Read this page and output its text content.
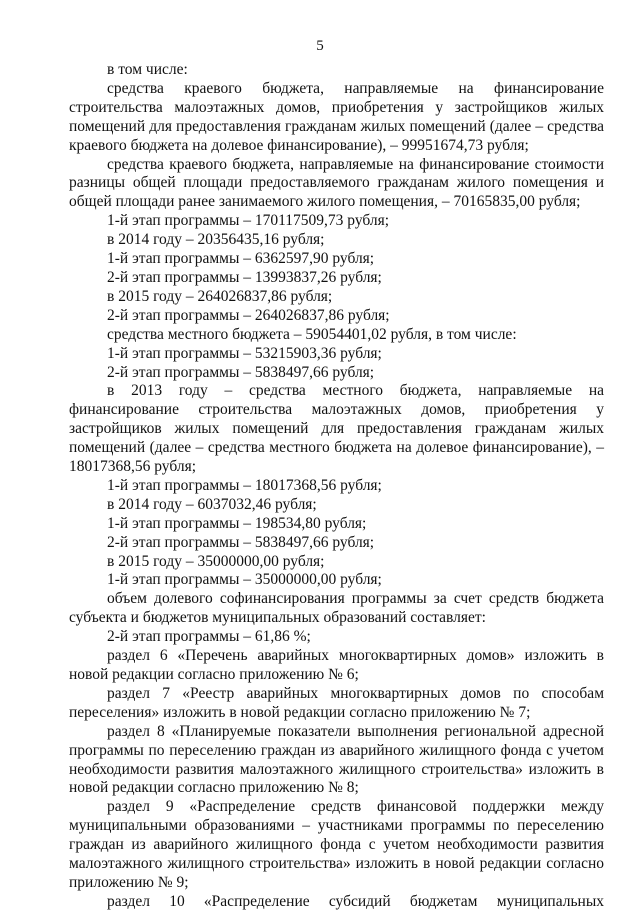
5

в том числе:

средства краевого бюджета, направляемые на финансирование строительства малоэтажных домов, приобретения у застройщиков жилых помещений для предоставления гражданам жилых помещений (далее – средства краевого бюджета на долевое финансирование), – 99951674,73 рубля;

средства краевого бюджета, направляемые на финансирование стоимости разницы общей площади предоставляемого гражданам жилого помещения и общей площади ранее занимаемого жилого помещения, – 70165835,00 рубля;

1-й этап программы – 170117509,73 рубля;

в 2014 году – 20356435,16 рубля;

1-й этап программы – 6362597,90 рубля;

2-й этап программы – 13993837,26 рубля;

в 2015 году – 264026837,86 рубля;

2-й этап программы – 264026837,86 рубля;

средства местного бюджета – 59054401,02 рубля, в том числе:

1-й этап программы – 53215903,36 рубля;

2-й этап программы – 5838497,66 рубля;

в 2013 году – средства местного бюджета, направляемые на финансирование строительства малоэтажных домов, приобретения у застройщиков жилых помещений для предоставления гражданам жилых помещений (далее – средства местного бюджета на долевое финансирование), – 18017368,56 рубля;

1-й этап программы – 18017368,56 рубля;

в 2014 году – 6037032,46 рубля;

1-й этап программы – 198534,80 рубля;

2-й этап программы – 5838497,66 рубля;

в 2015 году – 35000000,00 рубля;

1-й этап программы – 35000000,00 рубля;

объем долевого софинансирования программы за счет средств бюджета субъекта и бюджетов муниципальных образований составляет:

2-й этап программы – 61,86 %;

раздел 6 «Перечень аварийных многоквартирных домов» изложить в новой редакции согласно приложению № 6;

раздел 7 «Реестр аварийных многоквартирных домов по способам переселения» изложить в новой редакции согласно приложению № 7;

раздел 8 «Планируемые показатели выполнения региональной адресной программы по переселению граждан из аварийного жилищного фонда с учетом необходимости развития малоэтажного жилищного строительства» изложить в новой редакции согласно приложению № 8;

раздел 9 «Распределение средств финансовой поддержки между муниципальными образованиями – участниками программы по переселению граждан из аварийного жилищного фонда с учетом необходимости развития малоэтажного жилищного строительства» изложить в новой редакции согласно приложению № 9;

раздел 10 «Распределение субсидий бюджетам муниципальных
